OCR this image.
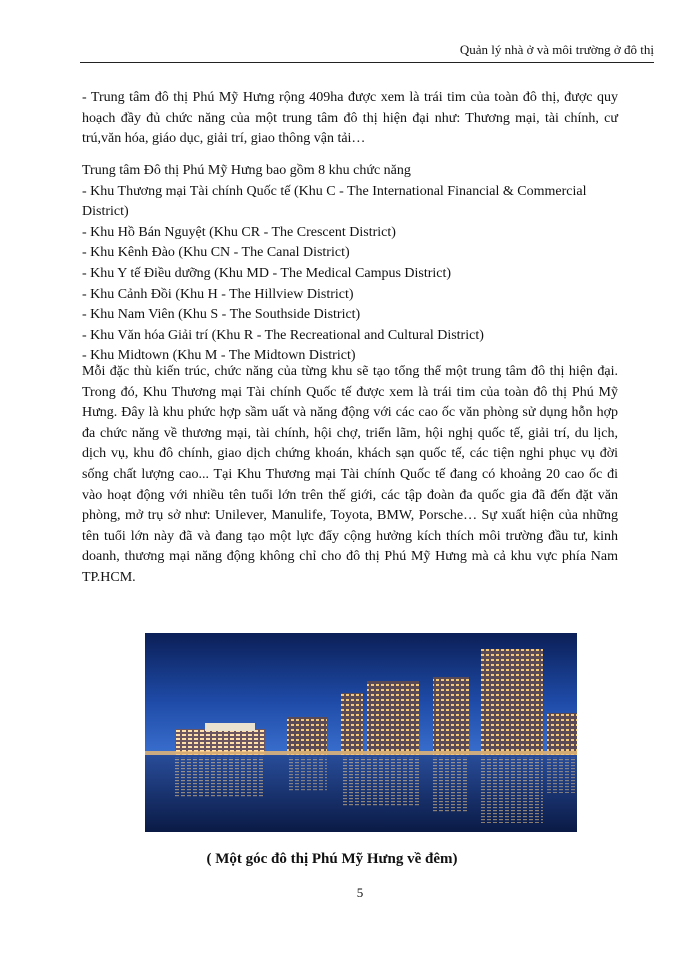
Quản lý nhà ở và môi trường ở đô thị
- Trung tâm đô thị Phú Mỹ Hưng rộng 409ha được xem là trái tim của toàn đô thị, được quy hoạch đầy đủ chức năng của một trung tâm đô thị hiện đại như: Thương mại, tài chính, cư trú,văn hóa, giáo dục, giải trí, giao thông vận tải…
Trung tâm Đô thị Phú Mỹ Hưng bao gồm 8 khu chức năng
- Khu Thương mại Tài chính Quốc tế (Khu C - The International Financial & Commercial District)
- Khu Hồ Bán Nguyệt (Khu CR - The Crescent District)
- Khu Kênh Đào (Khu CN - The Canal District)
- Khu Y tế Điều dưỡng (Khu MD - The Medical Campus District)
- Khu Cảnh Đồi (Khu H - The Hillview District)
- Khu Nam Viên (Khu S - The Southside District)
- Khu Văn hóa Giải trí (Khu R - The Recreational and Cultural District)
- Khu Midtown (Khu M - The Midtown District)
Mỗi đặc thù kiến trúc, chức năng của từng khu sẽ tạo tổng thể một trung tâm đô thị hiện đại. Trong đó, Khu Thương mại Tài chính Quốc tế được xem là trái tim của toàn đô thị Phú Mỹ Hưng. Đây là khu phức hợp sầm uất và năng động với các cao ốc văn phòng sử dụng hỗn hợp đa chức năng về thương mại, tài chính, hội chợ, triển lãm, hội nghị quốc tế, giải trí, du lịch, dịch vụ, khu đô chính, giao dịch chứng khoán, khách sạn quốc tế, các tiện nghi phục vụ đời sống chất lượng cao... Tại Khu Thương mại Tài chính Quốc tế đang có khoảng 20 cao ốc đi vào hoạt động với nhiều tên tuổi lớn trên thế giới, các tập đoàn đa quốc gia đã đến đặt văn phòng, mở trụ sở như: Unilever, Manulife, Toyota, BMW, Porsche… Sự xuất hiện của những tên tuổi lớn này đã và đang tạo một lực đẩy cộng hưởng kích thích môi trường đầu tư, kinh doanh, thương mại năng động không chỉ cho đô thị Phú Mỹ Hưng mà cả khu vực phía Nam TP.HCM.
( Một góc đô thị Phú Mỹ Hưng về đêm)
5
